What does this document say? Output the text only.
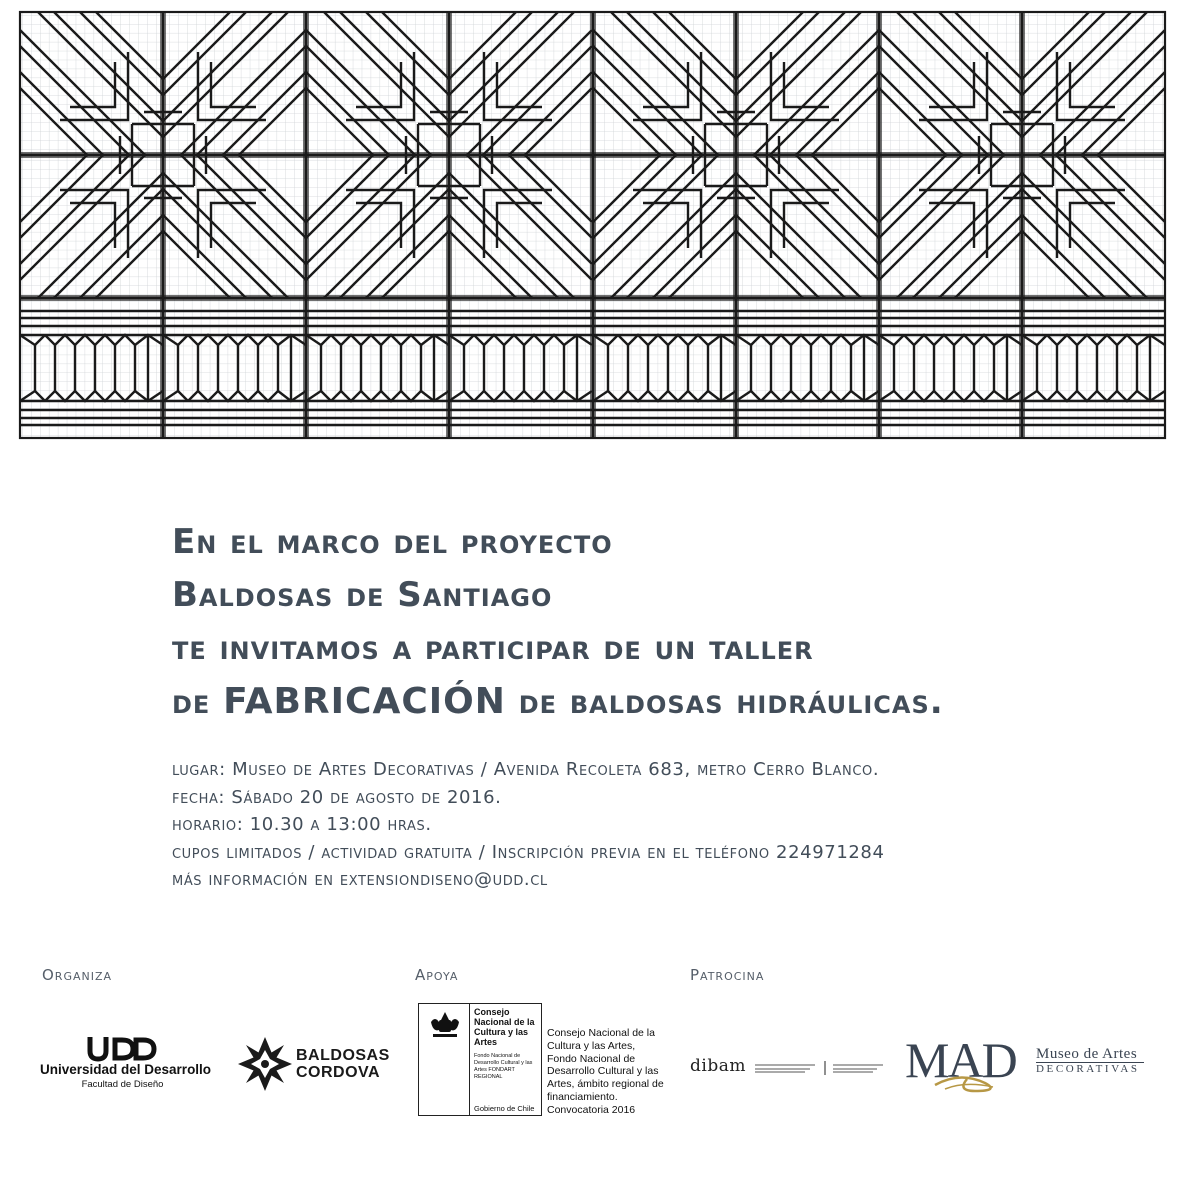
En el marco del proyecto
Baldosas de Santiago
te invitamos a participar de un taller
de FABRICACIÓN de baldosas hidráulicas.
lugar: Museo de Artes Decorativas / Avenida Recoleta 683, metro Cerro Blanco.
fecha: Sábado 20 de agosto de 2016.
horario: 10.30 a 13:00 hras.
cupos limitados / actividad gratuita / Inscripción previa en el teléfono 224971284
más información en extensiondiseno@udd.cl
Organiza	Apoya	Patrocina
Universidad del Desarrollo
Facultad de Diseño
BALDOSAS
CORDOVA
Consejo Nacional de la Cultura y las Artes
Fondo Nacional de Desarrollo Cultural y las Artes FONDART REGIONAL
Gobierno de Chile
Consejo Nacional de la Cultura y las Artes, Fondo Nacional de Desarrollo Cultural y las Artes, ámbito regional de financiamiento. Convocatoria 2016
dibam	MAD Museo de Artes
DECORATIVAS
